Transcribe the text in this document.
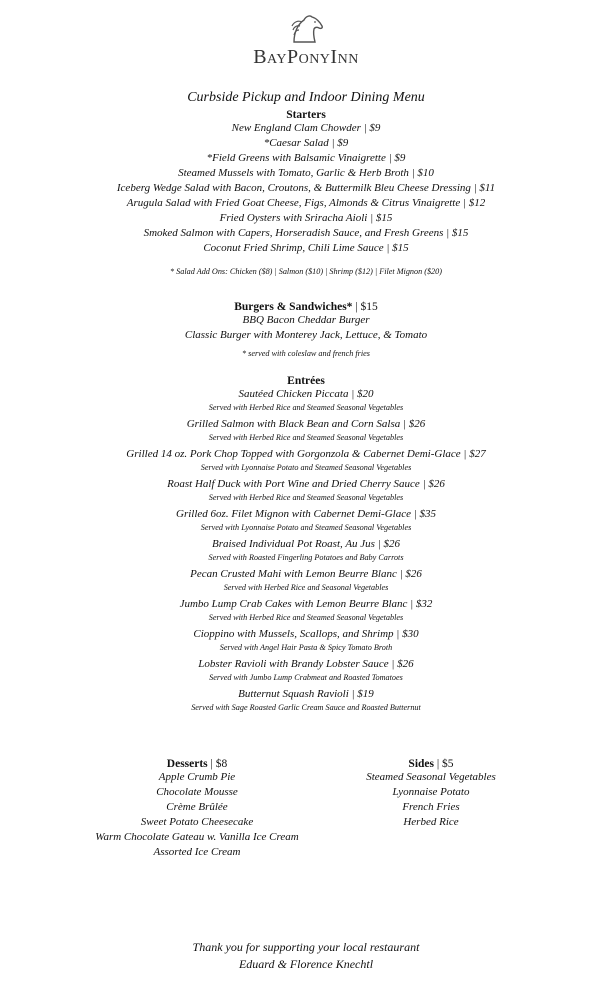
BayPonyInn
Curbside Pickup and Indoor Dining Menu
Starters
New England Clam Chowder | $9
*Caesar Salad | $9
*Field Greens with Balsamic Vinaigrette | $9
Steamed Mussels with Tomato, Garlic & Herb Broth | $10
Iceberg Wedge Salad with Bacon, Croutons, & Buttermilk Bleu Cheese Dressing | $11
Arugula Salad with Fried Goat Cheese, Figs, Almonds & Citrus Vinaigrette | $12
Fried Oysters with Sriracha Aioli | $15
Smoked Salmon with Capers, Horseradish Sauce, and Fresh Greens | $15
Coconut Fried Shrimp, Chili Lime Sauce | $15
* Salad Add Ons: Chicken ($8) | Salmon ($10) | Shrimp ($12) | Filet Mignon ($20)
Burgers & Sandwiches* | $15
BBQ Bacon Cheddar Burger
Classic Burger with Monterey Jack, Lettuce, & Tomato
* served with coleslaw and french fries
Entrées
Sautéed Chicken Piccata | $20
Served with Herbed Rice and Steamed Seasonal Vegetables
Grilled Salmon with Black Bean and Corn Salsa | $26
Served with Herbed Rice and Steamed Seasonal Vegetables
Grilled 14 oz. Pork Chop Topped with Gorgonzola & Cabernet Demi-Glace | $27
Served with Lyonnaise Potato and Steamed Seasonal Vegetables
Roast Half Duck with Port Wine and Dried Cherry Sauce | $26
Served with Herbed Rice and Steamed Seasonal Vegetables
Grilled 6oz. Filet Mignon with Cabernet Demi-Glace | $35
Served with Lyonnaise Potato and Steamed Seasonal Vegetables
Braised Individual Pot Roast, Au Jus | $26
Served with Roasted Fingerling Potatoes and Baby Carrots
Pecan Crusted Mahi with Lemon Beurre Blanc | $26
Served with Herbed Rice and Seasonal Vegetables
Jumbo Lump Crab Cakes with Lemon Beurre Blanc | $32
Served with Herbed Rice and Steamed Seasonal Vegetables
Cioppino with Mussels, Scallops, and Shrimp | $30
Served with Angel Hair Pasta & Spicy Tomato Broth
Lobster Ravioli with Brandy Lobster Sauce | $26
Served with Jumbo Lump Crabmeat and Roasted Tomatoes
Butternut Squash Ravioli | $19
Served with Sage Roasted Garlic Cream Sauce and Roasted Butternut
Desserts | $8
Apple Crumb Pie
Chocolate Mousse
Crème Brûlée
Sweet Potato Cheesecake
Warm Chocolate Gateau w. Vanilla Ice Cream
Assorted Ice Cream
Sides | $5
Steamed Seasonal Vegetables
Lyonnaise Potato
French Fries
Herbed Rice
Thank you for supporting your local restaurant
Eduard & Florence Knechtl
